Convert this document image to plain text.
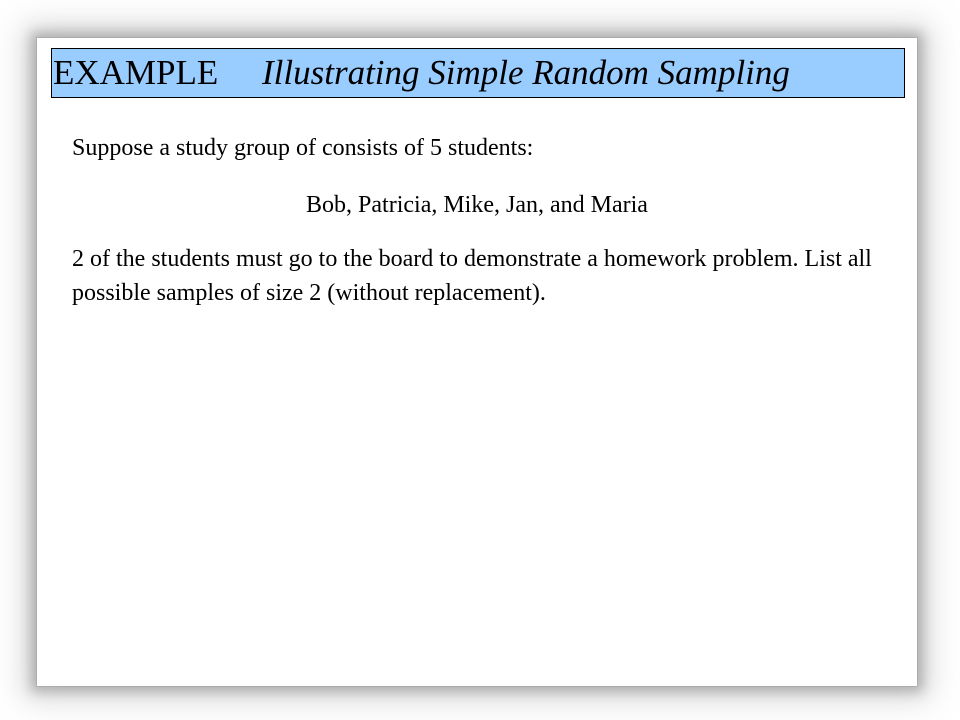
EXAMPLE Illustrating Simple Random Sampling
Suppose a study group of consists of 5 students:
Bob, Patricia, Mike, Jan, and Maria
2 of the students must go to the board to demonstrate a homework problem. List all possible samples of size 2 (without replacement).
